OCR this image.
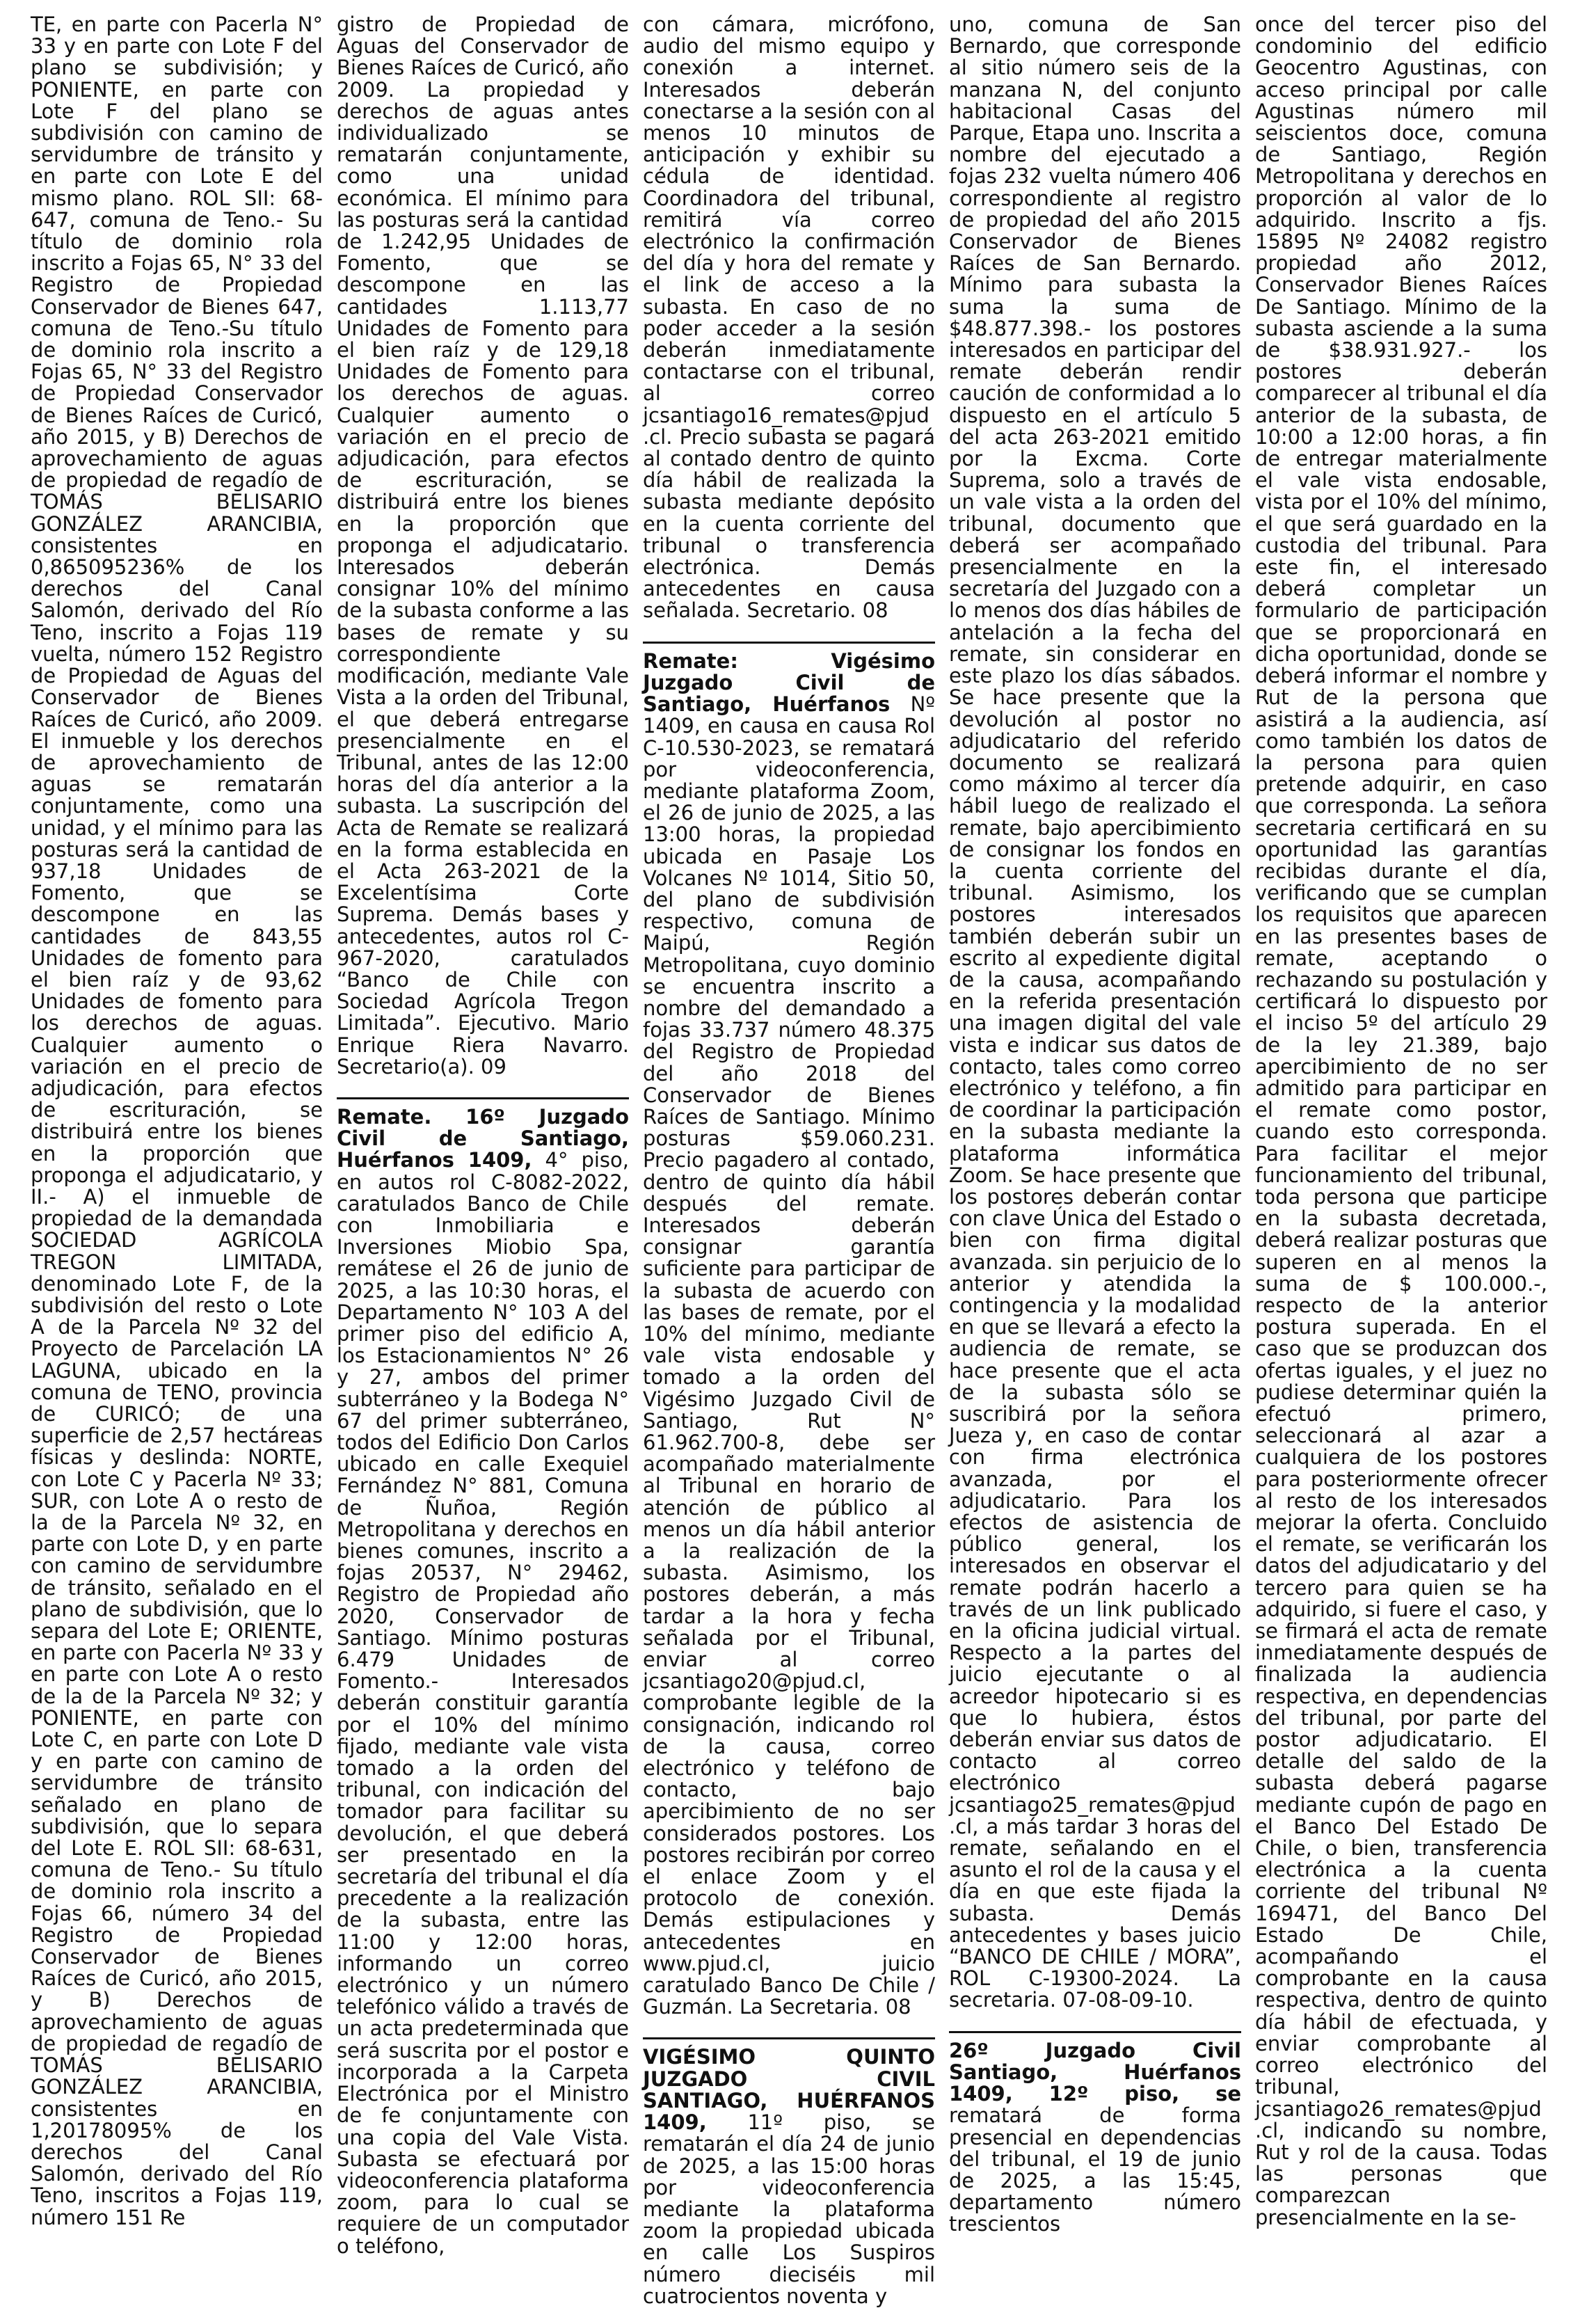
TE, en parte con Pacerla N° 33 y en parte con Lote F del plano se subdivisión; y PONIENTE, en parte con Lote F del plano se subdivisión con camino de servidumbre de tránsito y en parte con Lote E del mismo plano. ROL SII: 68-647, comuna de Teno.- Su título de dominio rola inscrito a Fojas 65, N° 33 del Registro de Propiedad Conservador de Bienes 647, comuna de Teno.-Su título de dominio rola inscrito a Fojas 65, N° 33 del Registro de Propiedad Conservador de Bienes Raíces de Curicó, año 2015, y B) Derechos de aprovechamiento de aguas de propiedad de regadío de TOMÁS BELISARIO GONZÁLEZ ARANCIBIA, consistentes en 0,865095236% de los derechos del Canal Salomón, derivado del Río Teno, inscrito a Fojas 119 vuelta, número 152 Registro de Propiedad de Aguas del Conservador de Bienes Raíces de Curicó, año 2009. El inmueble y los derechos de aprovechamiento de aguas se rematarán conjuntamente, como una unidad, y el mínimo para las posturas será la cantidad de 937,18 Unidades de Fomento, que se descompone en las cantidades de 843,55 Unidades de fomento para el bien raíz y de 93,62 Unidades de fomento para los derechos de aguas. Cualquier aumento o variación en el precio de adjudicación, para efectos de escrituración, se distribuirá entre los bienes en la proporción que proponga el adjudicatario, y II.- A) el inmueble de propiedad de la demandada SOCIEDAD AGRÍCOLA TREGON LIMITADA, denominado Lote F, de la subdivisión del resto o Lote A de la Parcela Nº 32 del Proyecto de Parcelación LA LAGUNA, ubicado en la comuna de TENO, provincia de CURICÓ; de una superficie de 2,57 hectáreas físicas y deslinda: NORTE, con Lote C y Pacerla Nº 33; SUR, con Lote A o resto de la de la Parcela Nº 32, en parte con Lote D, y en parte con camino de servidumbre de tránsito, señalado en el plano de subdivisión, que lo separa del Lote E; ORIENTE, en parte con Pacerla Nº 33 y en parte con Lote A o resto de la de la Parcela Nº 32; y PONIENTE, en parte con Lote C, en parte con Lote D y en parte con camino de servidumbre de tránsito señalado en plano de subdivisión, que lo separa del Lote E. ROL SII: 68-631, comuna de Teno.- Su título de dominio rola inscrito a Fojas 66, número 34 del Registro de Propiedad Conservador de Bienes Raíces de Curicó, año 2015, y B) Derechos de aprovechamiento de aguas de propiedad de regadío de TOMÁS BELISARIO GONZÁLEZ ARANCIBIA, consistentes en 1,20178095% de los derechos del Canal Salomón, derivado del Río Teno, inscritos a Fojas 119, número 151 Re

gistro de Propiedad de Aguas del Conservador de Bienes Raíces de Curicó, año 2009. La propiedad y derechos de aguas antes individualizado se rematarán conjuntamente, como una unidad económica. El mínimo para las posturas será la cantidad de 1.242,95 Unidades de Fomento, que se descompone en las cantidades 1.113,77 Unidades de Fomento para el bien raíz y de 129,18 Unidades de Fomento para los derechos de aguas. Cualquier aumento o variación en el precio de adjudicación, para efectos de escrituración, se distribuirá entre los bienes en la proporción que proponga el adjudicatario. Interesados deberán consignar 10% del mínimo de la subasta conforme a las bases de remate y su correspondiente modificación, mediante Vale Vista a la orden del Tribunal, el que deberá entregarse presencialmente en el Tribunal, antes de las 12:00 horas del día anterior a la subasta. La suscripción del Acta de Remate se realizará en la forma establecida en el Acta 263-2021 de la Excelentísima Corte Suprema. Demás bases y antecedentes, autos rol C-967-2020, caratulados “Banco de Chile con Sociedad Agrícola Tregon Limitada”. Ejecutivo. Mario Enrique Riera Navarro. Secretario(a). 09

Remate. 16º Juzgado Civil de Santiago, Huérfanos 1409, 4° piso, en autos rol C-8082-2022, caratulados Banco de Chile con Inmobiliaria e Inversiones Miobio Spa, remátese el 26 de junio de 2025, a las 10:30 horas, el Departamento N° 103 A del primer piso del edificio A, los Estacionamientos N° 26 y 27, ambos del primer subterráneo y la Bodega N° 67 del primer subterráneo, todos del Edificio Don Carlos ubicado en calle Exequiel Fernández N° 881, Comuna de Ñuñoa, Región Metropolitana y derechos en bienes comunes, inscrito a fojas 20537, N° 29462, Registro de Propiedad año 2020, Conservador de Santiago. Mínimo posturas 6.479 Unidades de Fomento.- Interesados deberán constituir garantía por el 10% del mínimo fijado, mediante vale vista tomado a la orden del tribunal, con indicación del tomador para facilitar su devolución, el que deberá ser presentado en la secretaría del tribunal el día precedente a la realización de la subasta, entre las 11:00 y 12:00 horas, informando un correo electrónico y un número telefónico válido a través de un acta predeterminada que será suscrita por el postor e incorporada a la Carpeta Electrónica por el Ministro de fe conjuntamente con una copia del Vale Vista. Subasta se efectuará por videoconferencia plataforma zoom, para lo cual se requiere de un computador o teléfono,

con cámara, micrófono, audio del mismo equipo y conexión a internet. Interesados deberán conectarse a la sesión con al menos 10 minutos de anticipación y exhibir su cédula de identidad. Coordinadora del tribunal, remitirá vía correo electrónico la confirmación del día y hora del remate y el link de acceso a la subasta. En caso de no poder acceder a la sesión deberán inmediatamente contactarse con el tribunal, al correo jcsantiago16_remates@pjud.cl. Precio subasta se pagará al contado dentro de quinto día hábil de realizada la subasta mediante depósito en la cuenta corriente del tribunal o transferencia electrónica. Demás antecedentes en causa señalada. Secretario. 08

Remate: Vigésimo Juzgado Civil de Santiago, Huérfanos Nº 1409, en causa en causa Rol C-10.530-2023, se rematará por videoconferencia, mediante plataforma Zoom, el 26 de junio de 2025, a las 13:00 horas, la propiedad ubicada en Pasaje Los Volcanes Nº 1014, Sitio 50, del plano de subdivisión respectivo, comuna de Maipú, Región Metropolitana, cuyo dominio se encuentra inscrito a nombre del demandado a fojas 33.737 número 48.375 del Registro de Propiedad del año 2018 del Conservador de Bienes Raíces de Santiago. Mínimo posturas $59.060.231. Precio pagadero al contado, dentro de quinto día hábil después del remate. Interesados deberán consignar garantía suficiente para participar de la subasta de acuerdo con las bases de remate, por el 10% del mínimo, mediante vale vista endosable y tomado a la orden del Vigésimo Juzgado Civil de Santiago, Rut N° 61.962.700-8, debe ser acompañado materialmente al Tribunal en horario de atención de público al menos un día hábil anterior a la realización de la subasta. Asimismo, los postores deberán, a más tardar a la hora y fecha señalada por el Tribunal, enviar al correo jcsantiago20@pjud.cl, comprobante legible de la consignación, indicando rol de la causa, correo electrónico y teléfono de contacto, bajo apercibimiento de no ser considerados postores. Los postores recibirán por correo el enlace Zoom y el protocolo de conexión. Demás estipulaciones y antecedentes en www.pjud.cl, juicio caratulado Banco De Chile / Guzmán. La Secretaria. 08

VIGÉSIMO QUINTO JUZGADO CIVIL SANTIAGO, HUÉRFANOS 1409, 11º piso, se rematarán el día 24 de junio de 2025, a las 15:00 horas por videoconferencia mediante la plataforma zoom la propiedad ubicada en calle Los Suspiros número dieciséis mil cuatrocientos noventa y

uno, comuna de San Bernardo, que corresponde al sitio número seis de la manzana N, del conjunto habitacional Casas del Parque, Etapa uno. Inscrita a nombre del ejecutado a fojas 232 vuelta número 406 correspondiente al registro de propiedad del año 2015 Conservador de Bienes Raíces de San Bernardo. Mínimo para subasta la suma la suma de $48.877.398.- los postores interesados en participar del remate deberán rendir caución de conformidad a lo dispuesto en el artículo 5 del acta 263-2021 emitido por la Excma. Corte Suprema, solo a través de un vale vista a la orden del tribunal, documento que deberá ser acompañado presencialmente en la secretaría del Juzgado con a lo menos dos días hábiles de antelación a la fecha del remate, sin considerar en este plazo los días sábados. Se hace presente que la devolución al postor no adjudicatario del referido documento se realizará como máximo al tercer día hábil luego de realizado el remate, bajo apercibimiento de consignar los fondos en la cuenta corriente del tribunal. Asimismo, los postores interesados también deberán subir un escrito al expediente digital de la causa, acompañando en la referida presentación una imagen digital del vale vista e indicar sus datos de contacto, tales como correo electrónico y teléfono, a fin de coordinar la participación en la subasta mediante la plataforma informática Zoom. Se hace presente que los postores deberán contar con clave Única del Estado o bien con firma digital avanzada. sin perjuicio de lo anterior y atendida la contingencia y la modalidad en que se llevará a efecto la audiencia de remate, se hace presente que el acta de la subasta sólo se suscribirá por la señora Jueza y, en caso de contar con firma electrónica avanzada, por el adjudicatario. Para los efectos de asistencia de público general, los interesados en observar el remate podrán hacerlo a través de un link publicado en la oficina judicial virtual. Respecto a la partes del juicio ejecutante o al acreedor hipotecario si es que lo hubiera, éstos deberán enviar sus datos de contacto al correo electrónico jcsantiago25_remates@pjud.cl, a más tardar 3 horas del remate, señalando en el asunto el rol de la causa y el día en que este fijada la subasta. Demás antecedentes y bases juicio “BANCO DE CHILE / MORA”, ROL C-19300-2024. La secretaria. 07-08-09-10.

26º Juzgado Civil Santiago, Huérfanos 1409, 12º piso, se rematará de forma presencial en dependencias del tribunal, el 19 de junio de 2025, a las 15:45, departamento número trescientos

once del tercer piso del condominio del edificio Geocentro Agustinas, con acceso principal por calle Agustinas número mil seiscientos doce, comuna de Santiago, Región Metropolitana y derechos en proporción al valor de lo adquirido. Inscrito a fjs. 15895 Nº 24082 registro propiedad año 2012, Conservador Bienes Raíces De Santiago. Mínimo de la subasta asciende a la suma de $38.931.927.- los postores deberán comparecer al tribunal el día anterior de la subasta, de 10:00 a 12:00 horas, a fin de entregar materialmente el vale vista endosable, vista por el 10% del mínimo, el que será guardado en la custodia del tribunal. Para este fin, el interesado deberá completar un formulario de participación que se proporcionará en dicha oportunidad, donde se deberá informar el nombre y Rut de la persona que asistirá a la audiencia, así como también los datos de la persona para quien pretende adquirir, en caso que corresponda. La señora secretaria certificará en su oportunidad las garantías recibidas durante el día, verificando que se cumplan los requisitos que aparecen en las presentes bases de remate, aceptando o rechazando su postulación y certificará lo dispuesto por el inciso 5º del artículo 29 de la ley 21.389, bajo apercibimiento de no ser admitido para participar en el remate como postor, cuando esto corresponda. Para facilitar el mejor funcionamiento del tribunal, toda persona que participe en la subasta decretada, deberá realizar posturas que superen en al menos la suma de $ 100.000.-, respecto de la anterior postura superada. En el caso que se produzcan dos ofertas iguales, y el juez no pudiese determinar quién la efectuó primero, seleccionará al azar a cualquiera de los postores para posteriormente ofrecer al resto de los interesados mejorar la oferta. Concluido el remate, se verificarán los datos del adjudicatario y del tercero para quien se ha adquirido, si fuere el caso, y se firmará el acta de remate inmediatamente después de finalizada la audiencia respectiva, en dependencias del tribunal, por parte del postor adjudicatario. El detalle del saldo de la subasta deberá pagarse mediante cupón de pago en el Banco Del Estado De Chile, o bien, transferencia electrónica a la cuenta corriente del tribunal Nº 169471, del Banco Del Estado De Chile, acompañando el comprobante en la causa respectiva, dentro de quinto día hábil de efectuada, y enviar comprobante al correo electrónico del tribunal, jcsantiago26_remates@pjud.cl, indicando su nombre, Rut y rol de la causa. Todas las personas que comparezcan presencialmente en la se-
